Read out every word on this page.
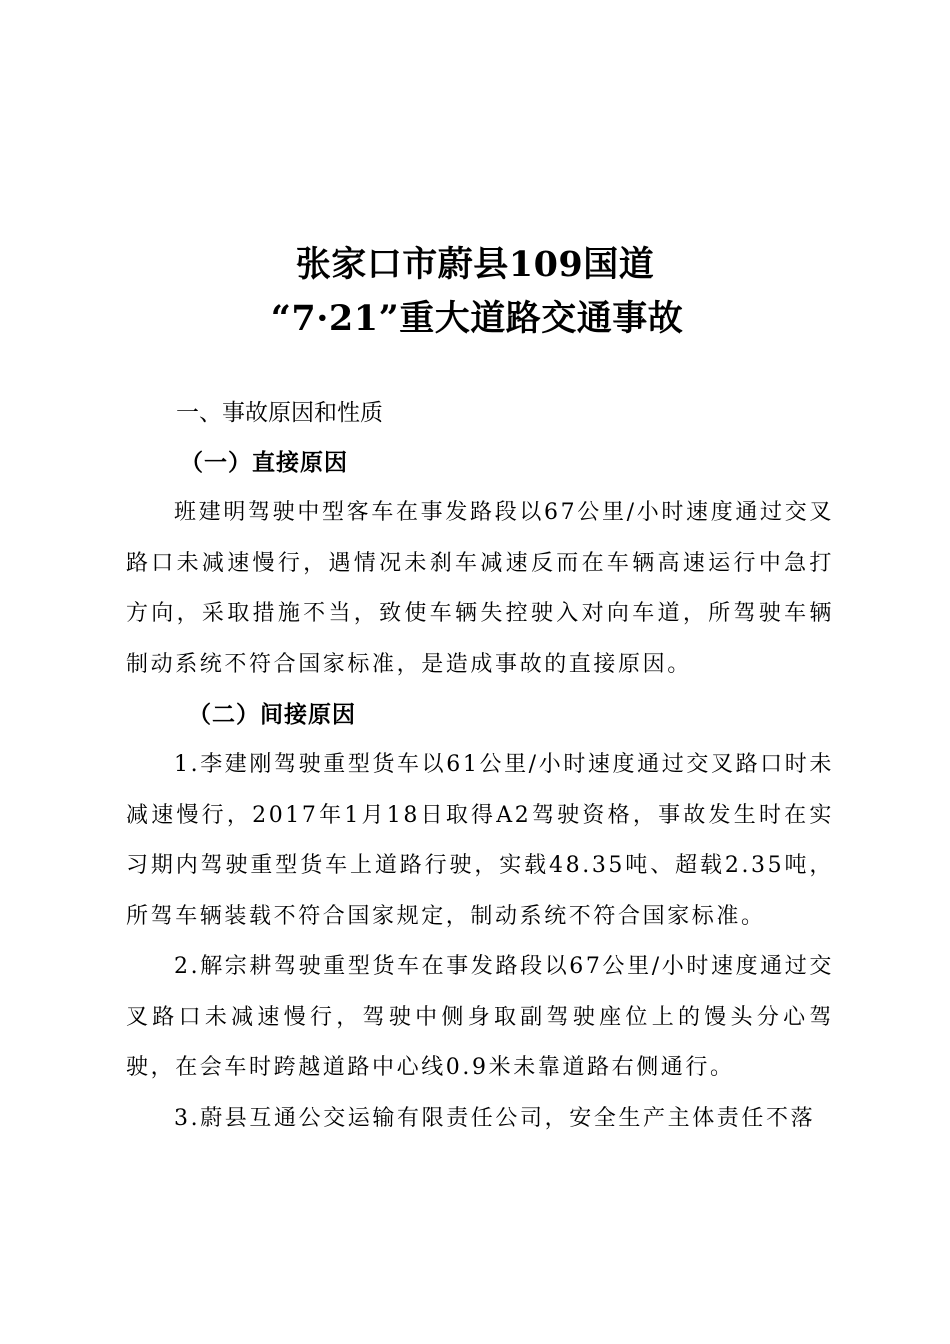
张家口市蔚县109国道
“7·21”重大道路交通事故
一、事故原因和性质
（一）直接原因

班建明驾驶中型客车在事发路段以67公里/小时速度通过交叉路口未减速慢行，遇情况未刹车减速反而在车辆高速运行中急打方向，采取措施不当，致使车辆失控驶入对向车道，所驾驶车辆制动系统不符合国家标准，是造成事故的直接原因。

（二）间接原因

1.李建刚驾驶重型货车以61公里/小时速度通过交叉路口时未减速慢行，2017年1月18日取得A2驾驶资格，事故发生时在实习期内驾驶重型货车上道路行驶，实载48.35吨、超载2.35吨，所驾车辆装载不符合国家规定，制动系统不符合国家标准。

2.解宗耕驾驶重型货车在事发路段以67公里/小时速度通过交叉路口未减速慢行，驾驶中侧身取副驾驶座位上的馒头分心驾驶，在会车时跨越道路中心线0.9米未靠道路右侧通行。

3.蔚县互通公交运输有限责任公司，安全生产主体责任不落
